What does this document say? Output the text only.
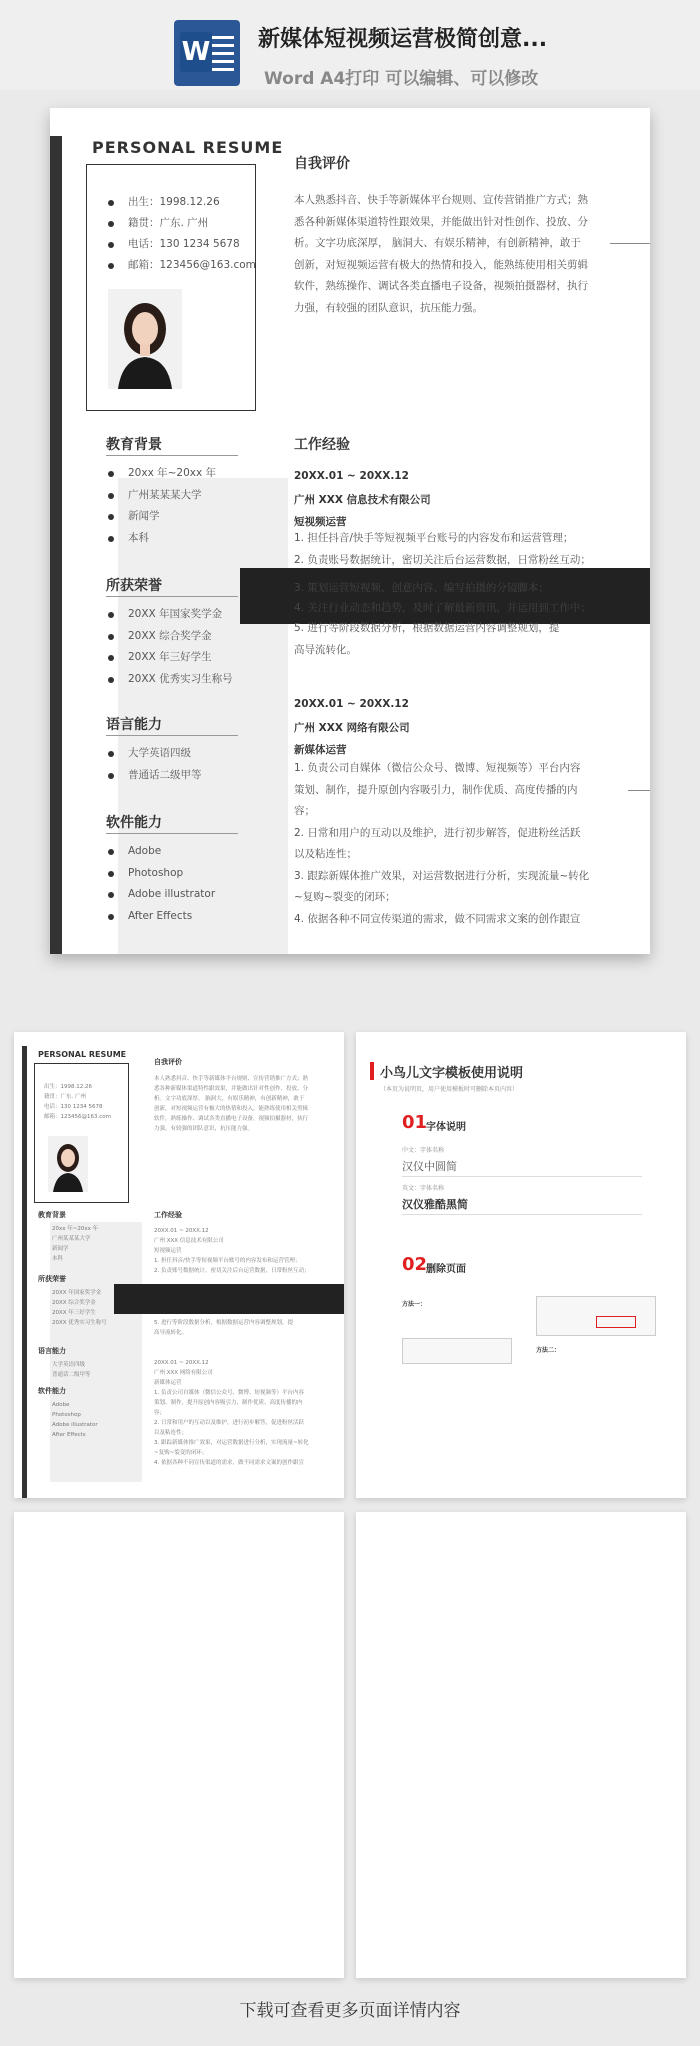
W 新媒体短视频运营极简创意...
Word A4打印 可以编辑、可以修改
PERSONAL RESUME
出生：1998.12.26
籍贯：广东. 广州
电话：130 1234 5678
邮箱：123456@163.com
自我评价
本人熟悉抖音、快手等新媒体平台规则、宣传营销推广方式；熟
悉各种新媒体渠道特性跟效果，并能做出针对性创作、投放、分
析。文字功底深厚， 脑洞大、有娱乐精神，有创新精神，敢于
创新，对短视频运营有极大的热情和投入，能熟练使用相关剪辑
软件，熟练操作、调试各类直播电子设备，视频拍摄器材，执行
力强，有较强的团队意识，抗压能力强。
教育背景
20xx 年~20xx 年
广州某某某大学
新闻学
本科
所获荣誉
20XX 年国家奖学金
20XX 综合奖学金
20XX 年三好学生
20XX 优秀实习生称号
语言能力
大学英语四级
普通话二级甲等
软件能力
Adobe
Photoshop
Adobe illustrator
After Effects
工作经验
20XX.01 ~ 20XX.12
广州 XXX 信息技术有限公司
短视频运营
1. 担任抖音/快手等短视频平台账号的内容发布和运营管理；
2. 负责账号数据统计，密切关注后台运营数据，日常粉丝互动；
3. 策划运营短视频、创意内容、编写拍摄的分镜脚本；
4. 关注行业动态和趋势，及时了解最新资讯，并运用到工作中；
5. 进行等阶段数据分析，根据数据运营内容调整规划，提
高导流转化。
20XX.01 ~ 20XX.12
广州 XXX 网络有限公司
新媒体运营
1. 负责公司自媒体（微信公众号、微博、短视频等）平台内容
策划、制作，提升原创内容吸引力，制作优质、高度传播的内
容；
2. 日常和用户的互动以及维护，进行初步解答，促进粉丝活跃
以及粘连性；
3. 跟踪新媒体推广效果，对运营数据进行分析，实现流量~转化
~复购~裂变的闭环；
4. 依据各种不同宣传渠道的需求，做不同需求文案的创作跟宣
PERSONAL RESUME
出生：1998.12.26
籍贯：广东. 广州
电话：130 1234 5678
邮箱：123456@163.com
自我评价
本人熟悉抖音、快手等新媒体平台规则、宣传营销推广方式；熟
悉各种新媒体渠道特性跟效果，并能做出针对性创作、投放、分
析。文字功底深厚， 脑洞大、有娱乐精神，有创新精神，敢于
创新，对短视频运营有极大的热情和投入，能熟练使用相关剪辑
软件，熟练操作、调试各类直播电子设备，视频拍摄器材，执行
力强，有较强的团队意识，抗压能力强。
教育背景
20xx 年~20xx 年
广州某某某大学
新闻学
本科
所获荣誉
20XX 年国家奖学金
20XX 综合奖学金
20XX 年三好学生
20XX 优秀实习生称号
语言能力
大学英语四级
普通话二级甲等
软件能力
Adobe
Photoshop
Adobe illustrator
After Effects
工作经验
20XX.01 ~ 20XX.12
广州 XXX 信息技术有限公司
短视频运营
1. 担任抖音/快手等短视频平台账号的内容发布和运营管理；
2. 负责账号数据统计，密切关注后台运营数据，日常粉丝互动；
5. 进行等阶段数据分析，根据数据运营内容调整规划，提
高导流转化。
20XX.01 ~ 20XX.12
广州 XXX 网络有限公司
新媒体运营
1. 负责公司自媒体（微信公众号、微博、短视频等）平台内容
策划、制作，提升原创内容吸引力，制作优质、高度传播的内
容；
2. 日常和用户的互动以及维护，进行初步解答，促进粉丝活跃
以及粘连性；
3. 跟踪新媒体推广效果，对运营数据进行分析，实现流量~转化
~复购~裂变的闭环；
4. 依据各种不同宣传渠道的需求，做不同需求文案的创作跟宣
小鸟儿文字模板使用说明
（本页为说明页，用户使用模板时可删除本页内容）
01
字体说明
中文：字体名称
汉仪中圆简
英文：字体名称
汉仪雅酷黑简
02
删除页面
方法一：
方法二：
下载可查看更多页面详情内容
